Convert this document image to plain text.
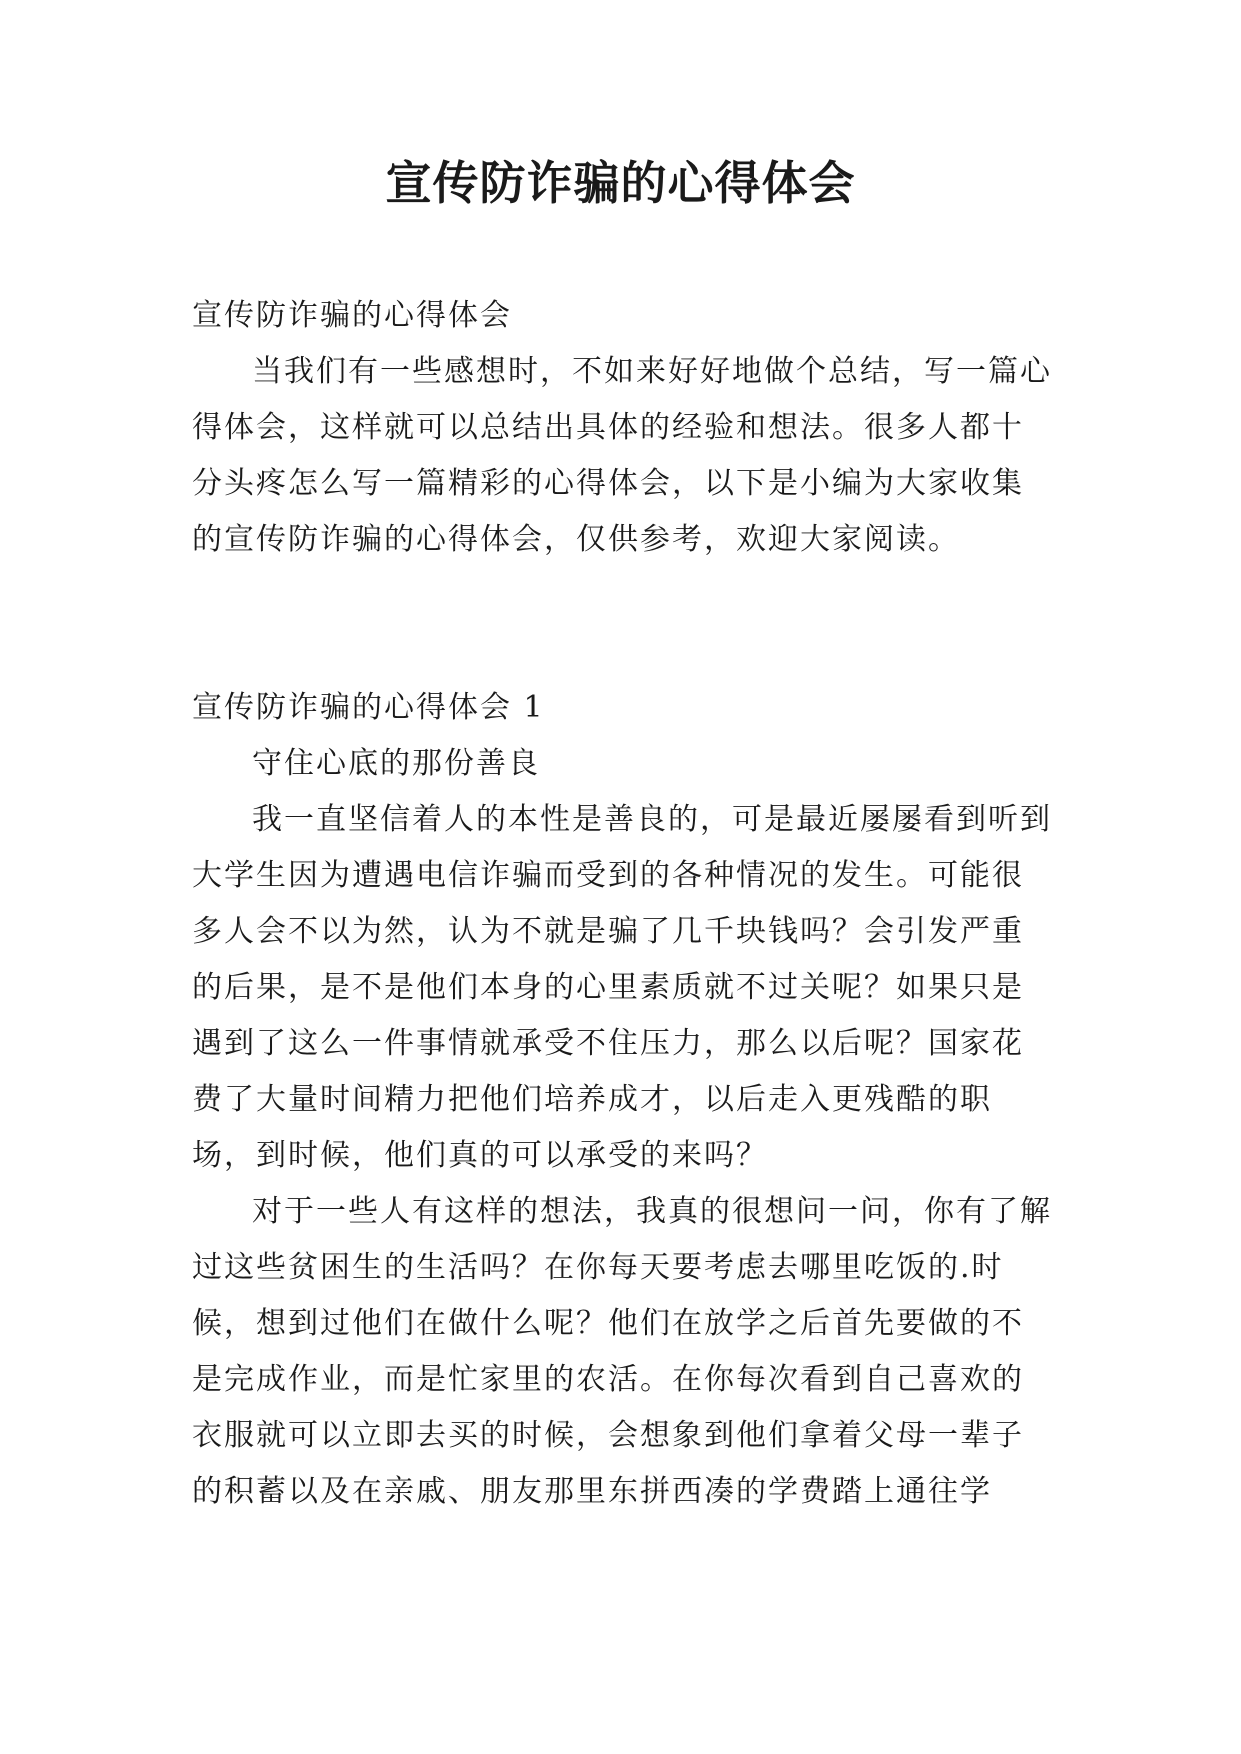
宣传防诈骗的心得体会

宣传防诈骗的心得体会

当我们有一些感想时，不如来好好地做个总结，写一篇心得体会，这样就可以总结出具体的经验和想法。很多人都十分头疼怎么写一篇精彩的心得体会，以下是小编为大家收集的宣传防诈骗的心得体会，仅供参考，欢迎大家阅读。

宣传防诈骗的心得体会 1

守住心底的那份善良

我一直坚信着人的本性是善良的，可是最近屡屡看到听到大学生因为遭遇电信诈骗而受到的各种情况的发生。可能很多人会不以为然，认为不就是骗了几千块钱吗？会引发严重的后果，是不是他们本身的心里素质就不过关呢？如果只是遇到了这么一件事情就承受不住压力，那么以后呢？国家花费了大量时间精力把他们培养成才，以后走入更残酷的职场，到时候，他们真的可以承受的来吗？

对于一些人有这样的想法，我真的很想问一问，你有了解过这些贫困生的生活吗？在你每天要考虑去哪里吃饭的.时候，想到过他们在做什么呢？他们在放学之后首先要做的不是完成作业，而是忙家里的农活。在你每次看到自己喜欢的衣服就可以立即去买的时候，会想象到他们拿着父母一辈子的积蓄以及在亲戚、朋友那里东拼西凑的学费踏上通往学
